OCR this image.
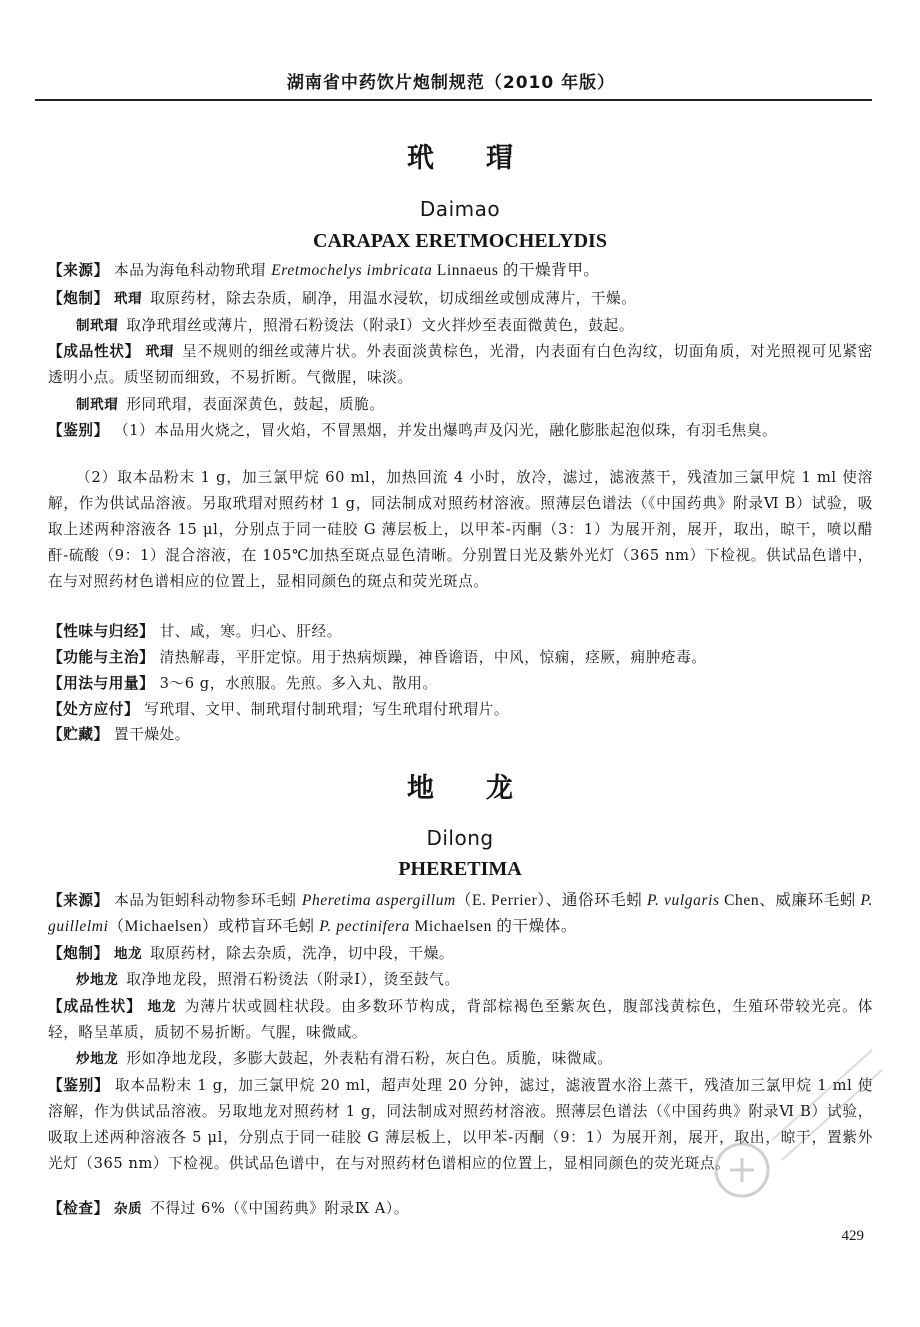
湖南省中药饮片炮制规范（2010 年版）
玳瑁
Daimao
CARAPAX ERETMOCHELYDIS

【来源】 本品为海龟科动物玳瑁 Eretmochelys imbricata Linnaeus 的干燥背甲。

【炮制】 玳瑁 取原药材，除去杂质，刷净，用温水浸软，切成细丝或刨成薄片，干燥。

制玳瑁 取净玳瑁丝或薄片，照滑石粉烫法（附录Ⅰ）文火拌炒至表面微黄色，鼓起。

【成品性状】 玳瑁 呈不规则的细丝或薄片状。外表面淡黄棕色，光滑，内表面有白色沟纹，切面角质，对光照视可见紧密透明小点。质坚韧而细致，不易折断。气微腥，味淡。

制玳瑁 形同玳瑁，表面深黄色，鼓起，质脆。

【鉴别】 （1）本品用火烧之，冒火焰，不冒黑烟，并发出爆鸣声及闪光，融化膨胀起泡似珠，有羽毛焦臭。

（2）取本品粉末 1 g，加三氯甲烷 60 ml，加热回流 4 小时，放冷，滤过，滤液蒸干，残渣加三氯甲烷 1 ml 使溶解，作为供试品溶液。另取玳瑁对照药材 1 g，同法制成对照药材溶液。照薄层色谱法（《中国药典》附录Ⅵ B）试验，吸取上述两种溶液各 15 μl，分别点于同一硅胶 G 薄层板上，以甲苯-丙酮（3：1）为展开剂，展开，取出，晾干，喷以醋酐-硫酸（9：1）混合溶液，在 105℃加热至斑点显色清晰。分别置日光及紫外光灯（365 nm）下检视。供试品色谱中，在与对照药材色谱相应的位置上，显相同颜色的斑点和荧光斑点。

【性味与归经】 甘、咸，寒。归心、肝经。

【功能与主治】 清热解毒，平肝定惊。用于热病烦躁，神昏谵语，中风，惊痫，痉厥，痈肿疮毒。

【用法与用量】 3～6 g，水煎服。先煎。多入丸、散用。

【处方应付】 写玳瑁、文甲、制玳瑁付制玳瑁；写生玳瑁付玳瑁片。

【贮藏】 置干燥处。

地龙
Dilong
PHERETIMA

【来源】 本品为钜蚓科动物参环毛蚓 Pheretima aspergillum（E. Perrier）、通俗环毛蚓 P. vulgaris Chen、威廉环毛蚓 P. guillelmi（Michaelsen）或栉盲环毛蚓 P. pectinifera Michaelsen 的干燥体。

【炮制】 地龙 取原药材，除去杂质，洗净，切中段，干燥。

炒地龙 取净地龙段，照滑石粉烫法（附录Ⅰ），烫至鼓气。

【成品性状】 地龙 为薄片状或圆柱状段。由多数环节构成，背部棕褐色至紫灰色，腹部浅黄棕色，生殖环带较光亮。体轻，略呈革质，质韧不易折断。气腥，味微咸。

炒地龙 形如净地龙段，多膨大鼓起，外表粘有滑石粉，灰白色。质脆，味微咸。

【鉴别】 取本品粉末 1 g，加三氯甲烷 20 ml，超声处理 20 分钟，滤过，滤液置水浴上蒸干，残渣加三氯甲烷 1 ml 使溶解，作为供试品溶液。另取地龙对照药材 1 g，同法制成对照药材溶液。照薄层色谱法（《中国药典》附录Ⅵ B）试验，吸取上述两种溶液各 5 μl，分别点于同一硅胶 G 薄层板上，以甲苯-丙酮（9：1）为展开剂，展开，取出，晾干，置紫外光灯（365 nm）下检视。供试品色谱中，在与对照药材色谱相应的位置上，显相同颜色的荧光斑点。

【检查】 杂质 不得过 6%（《中国药典》附录Ⅸ A）。

429
